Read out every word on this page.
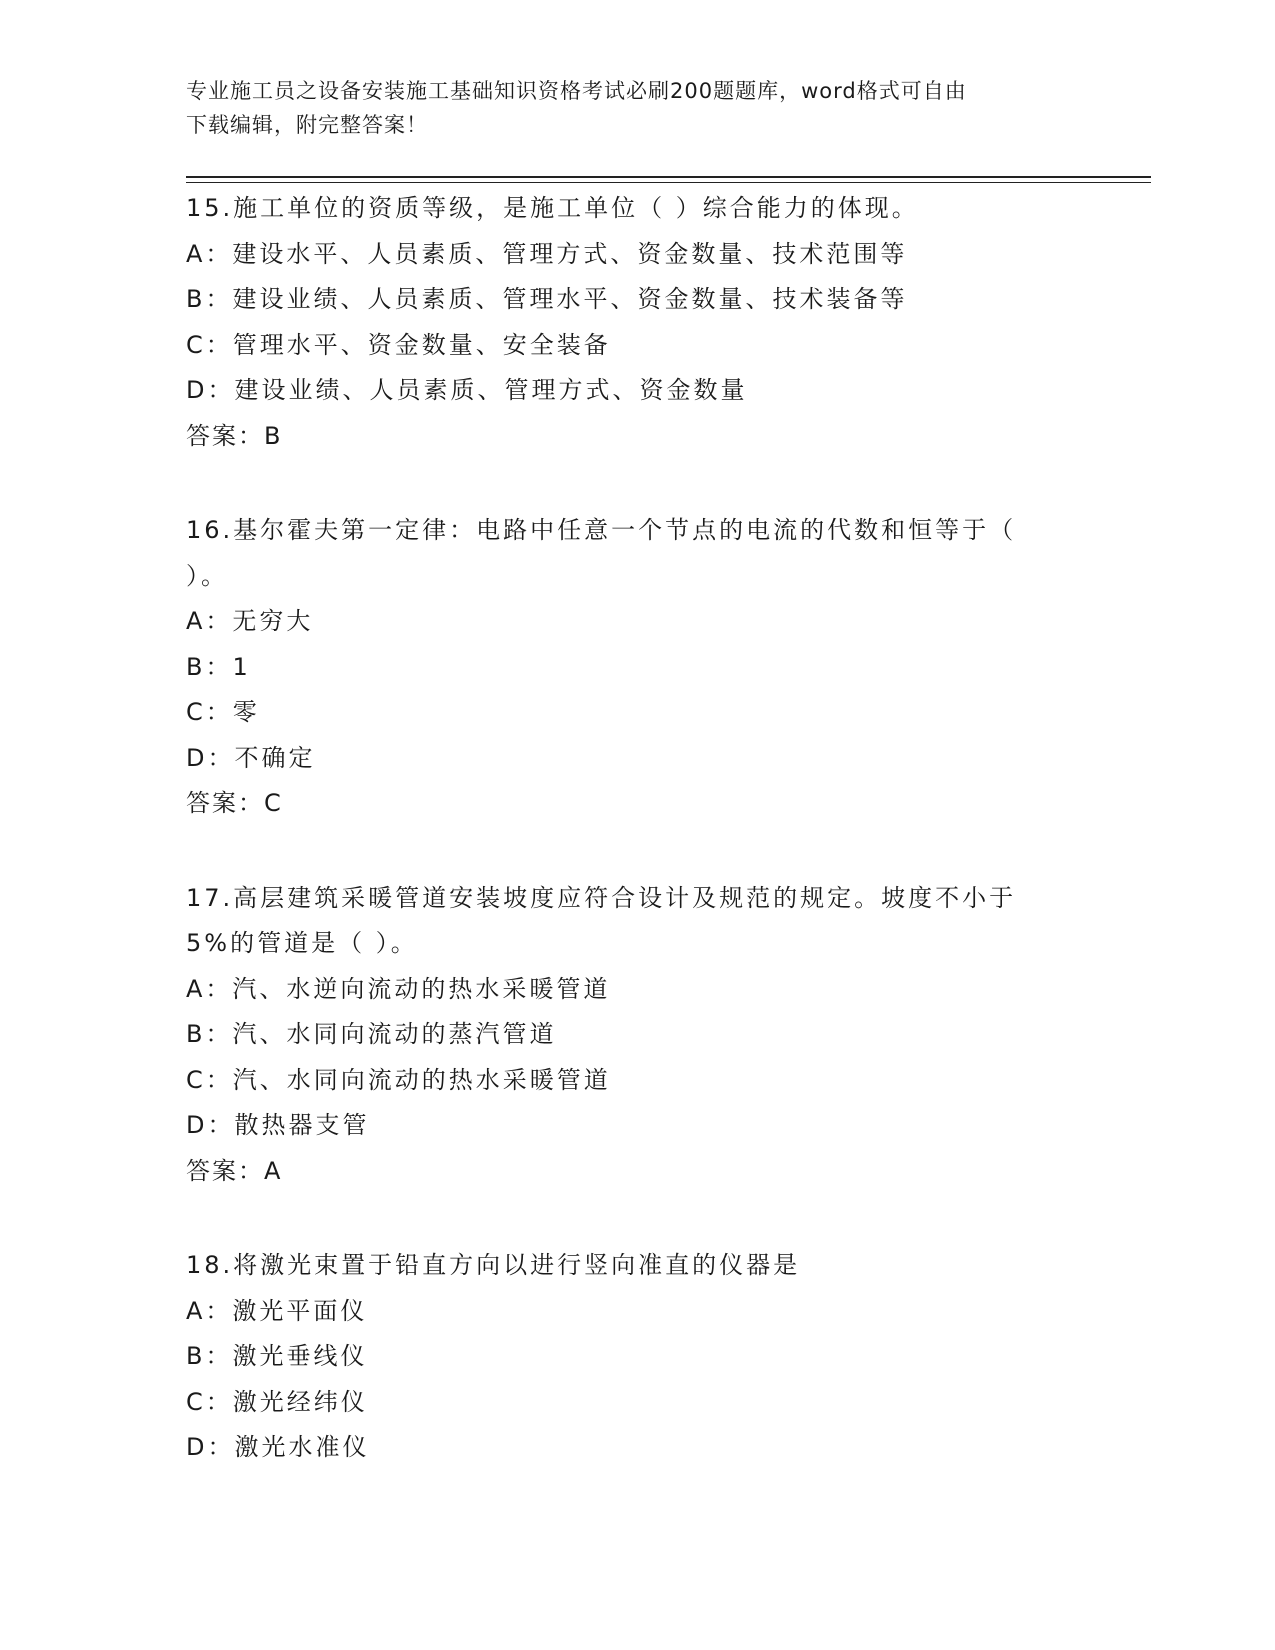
专业施工员之设备安装施工基础知识资格考试必刷200题题库，word格式可自由
下载编辑，附完整答案！
15.施工单位的资质等级，是施工单位（ ）综合能力的体现。
A：建设水平、人员素质、管理方式、资金数量、技术范围等
B：建设业绩、人员素质、管理水平、资金数量、技术装备等
C：管理水平、资金数量、安全装备
D：建设业绩、人员素质、管理方式、资金数量
答案：B
16.基尔霍夫第一定律：电路中任意一个节点的电流的代数和恒等于（
）。
A：无穷大
B：1
C：零
D：不确定
答案：C
17.高层建筑采暖管道安装坡度应符合设计及规范的规定。坡度不小于
5%的管道是（ ）。
A：汽、水逆向流动的热水采暖管道
B：汽、水同向流动的蒸汽管道
C：汽、水同向流动的热水采暖管道
D：散热器支管
答案：A
18.将激光束置于铅直方向以进行竖向准直的仪器是
A：激光平面仪
B：激光垂线仪
C：激光经纬仪
D：激光水准仪
